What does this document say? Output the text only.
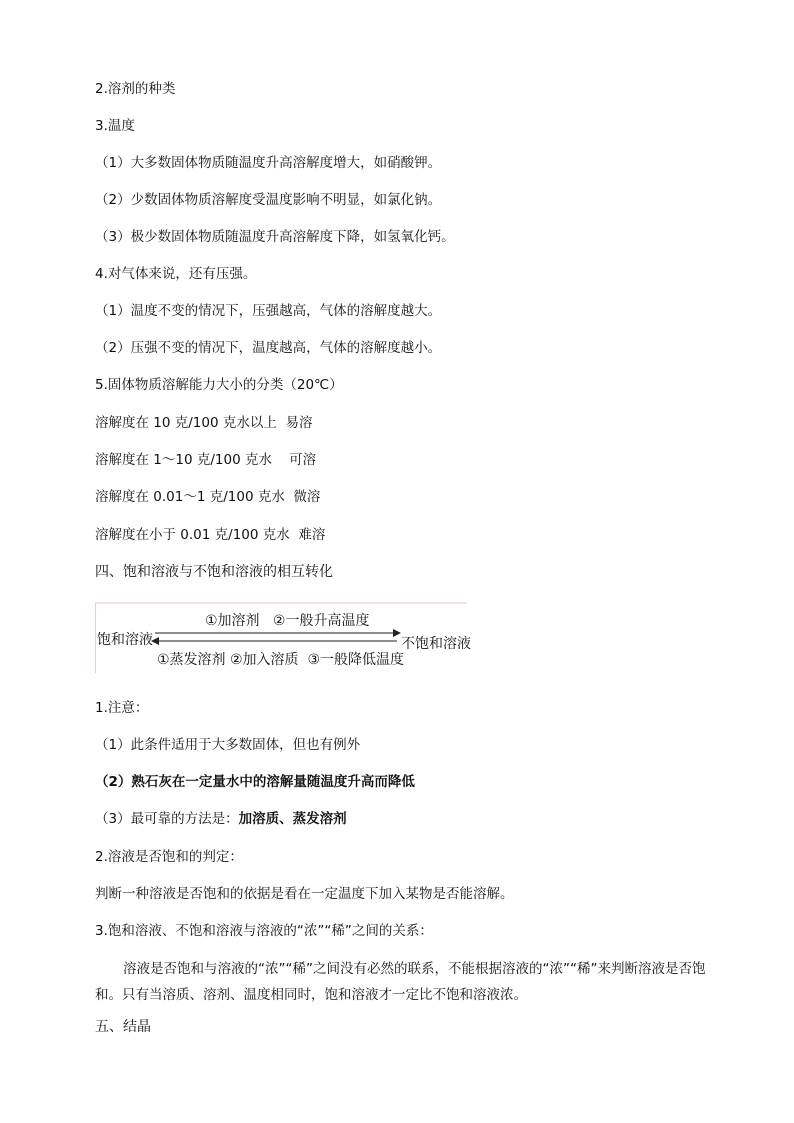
2.溶剂的种类

3.温度

（1）大多数固体物质随温度升高溶解度增大，如硝酸钾。

（2）少数固体物质溶解度受温度影响不明显，如氯化钠。

（3）极少数固体物质随温度升高溶解度下降，如氢氧化钙。

4.对气体来说，还有压强。

（1）温度不变的情况下，压强越高，气体的溶解度越大。

（2）压强不变的情况下，温度越高，气体的溶解度越小。

5.固体物质溶解能力大小的分类（20℃）

溶解度在 10 克/100 克水以上  易溶

溶解度在 1～10 克/100 克水    可溶

溶解度在 0.01～1 克/100 克水  微溶

溶解度在小于 0.01 克/100 克水  难溶

四、饱和溶液与不饱和溶液的相互转化

饱和溶液	不饱和溶液
①加溶剂   ②一般升高温度
①蒸发溶剂 ②加入溶质  ③一般降低温度

1.注意：

（1）此条件适用于大多数固体，但也有例外

（2）熟石灰在一定量水中的溶解量随温度升高而降低

（3）最可靠的方法是：加溶质、蒸发溶剂

2.溶液是否饱和的判定：

判断一种溶液是否饱和的依据是看在一定温度下加入某物是否能溶解。

3.饱和溶液、不饱和溶液与溶液的“浓”“稀”之间的关系：

溶液是否饱和与溶液的“浓”“稀”之间没有必然的联系，不能根据溶液的“浓”“稀”来判断溶液是否饱和。只有当溶质、溶剂、温度相同时，饱和溶液才一定比不饱和溶液浓。

五、结晶
